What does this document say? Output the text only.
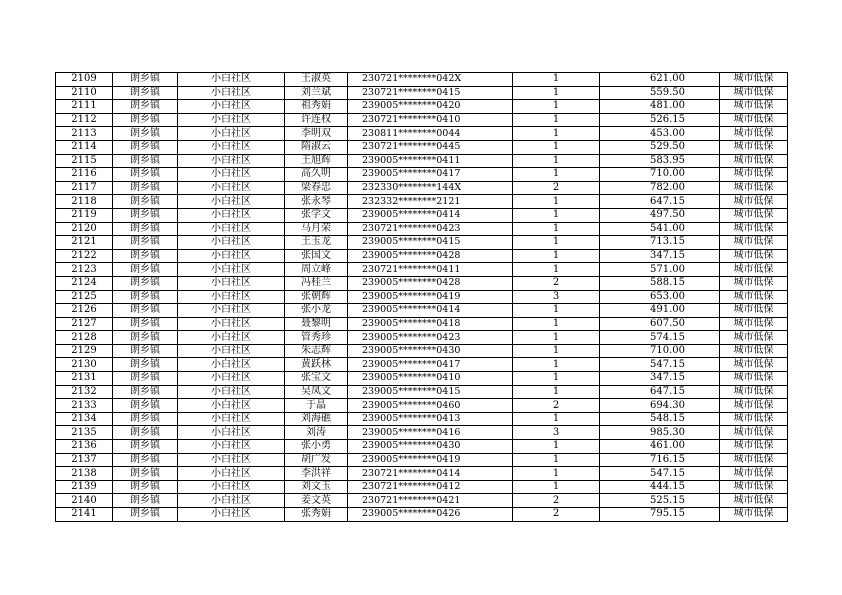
2109	朗乡镇	小白社区	王淑英	230721********042X	1	621.00	城市低保
2110	朗乡镇	小白社区	刘兰斌	230721********0415	1	559.50	城市低保
2111	朗乡镇	小白社区	祖秀娟	239005********0420	1	481.00	城市低保
2112	朗乡镇	小白社区	许连权	230721********0410	1	526.15	城市低保
2113	朗乡镇	小白社区	李明双	230811********0044	1	453.00	城市低保
2114	朗乡镇	小白社区	隋淑云	230721********0445	1	529.50	城市低保
2115	朗乡镇	小白社区	王旭辉	239005********0411	1	583.95	城市低保
2116	朗乡镇	小白社区	高久明	239005********0417	1	710.00	城市低保
2117	朗乡镇	小白社区	梁春忠	232330********144X	2	782.00	城市低保
2118	朗乡镇	小白社区	张永琴	232332********2121	1	647.15	城市低保
2119	朗乡镇	小白社区	张学文	239005********0414	1	497.50	城市低保
2120	朗乡镇	小白社区	马月荣	230721********0423	1	541.00	城市低保
2121	朗乡镇	小白社区	王玉龙	239005********0415	1	713.15	城市低保
2122	朗乡镇	小白社区	张国文	239005********0428	1	347.15	城市低保
2123	朗乡镇	小白社区	周立峰	230721********0411	1	571.00	城市低保
2124	朗乡镇	小白社区	冯桂兰	239005********0428	2	588.15	城市低保
2125	朗乡镇	小白社区	张朝辉	239005********0419	3	653.00	城市低保
2126	朗乡镇	小白社区	张小龙	239005********0414	1	491.00	城市低保
2127	朗乡镇	小白社区	聂黎明	239005********0418	1	607.50	城市低保
2128	朗乡镇	小白社区	管秀珍	239005********0423	1	574.15	城市低保
2129	朗乡镇	小白社区	朱志辉	239005********0430	1	710.00	城市低保
2130	朗乡镇	小白社区	黄跃林	239005********0417	1	547.15	城市低保
2131	朗乡镇	小白社区	张宝文	239005********0410	1	347.15	城市低保
2132	朗乡镇	小白社区	吴凤文	239005********0415	1	647.15	城市低保
2133	朗乡镇	小白社区	于晶	239005********0460	2	694.30	城市低保
2134	朗乡镇	小白社区	刘海礁	239005********0413	1	548.15	城市低保
2135	朗乡镇	小白社区	刘涛	239005********0416	3	985.30	城市低保
2136	朗乡镇	小白社区	张小勇	239005********0430	1	461.00	城市低保
2137	朗乡镇	小白社区	胡广发	239005********0419	1	716.15	城市低保
2138	朗乡镇	小白社区	李洪祥	230721********0414	1	547.15	城市低保
2139	朗乡镇	小白社区	刘文玉	230721********0412	1	444.15	城市低保
2140	朗乡镇	小白社区	姜文英	230721********0421	2	525.15	城市低保
2141	朗乡镇	小白社区	张秀娟	239005********0426	2	795.15	城市低保
